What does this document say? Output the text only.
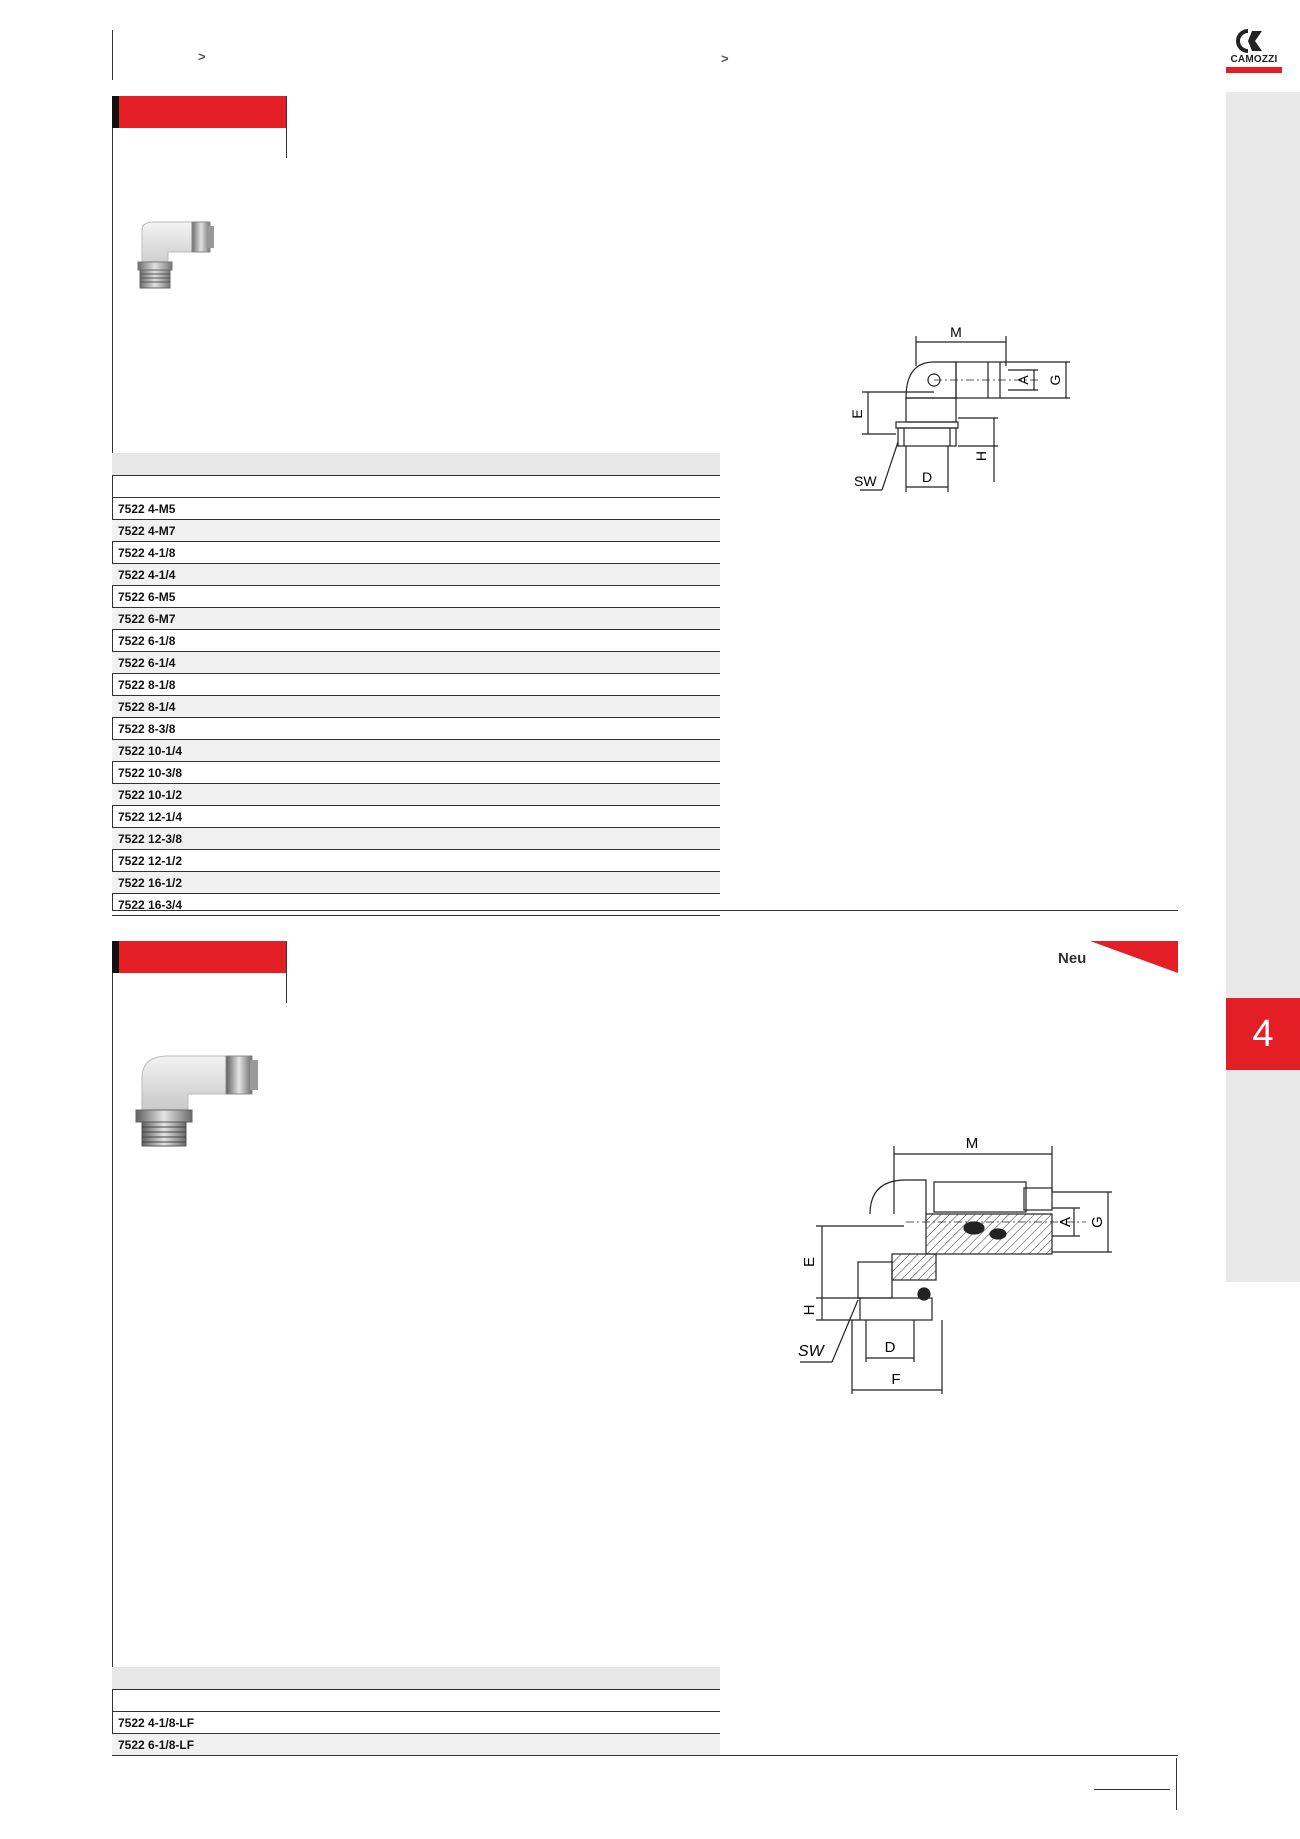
>	>	CAMOZZI
4
M
A G
E
H
SW	D
7522 4-M5
7522 4-M7
7522 4-1/8
7522 4-1/4
7522 6-M5
7522 6-M7
7522 6-1/8
7522 6-1/4
7522 8-1/8
7522 8-1/4
7522 8-3/8
7522 10-1/4
7522 10-3/8
7522 10-1/2
7522 12-1/4
7522 12-3/8
7522 12-1/2
7522 16-1/2
7522 16-3/4
Neu
M
A G
E
H
SW	D
F
7522 4-1/8-LF
7522 6-1/8-LF
